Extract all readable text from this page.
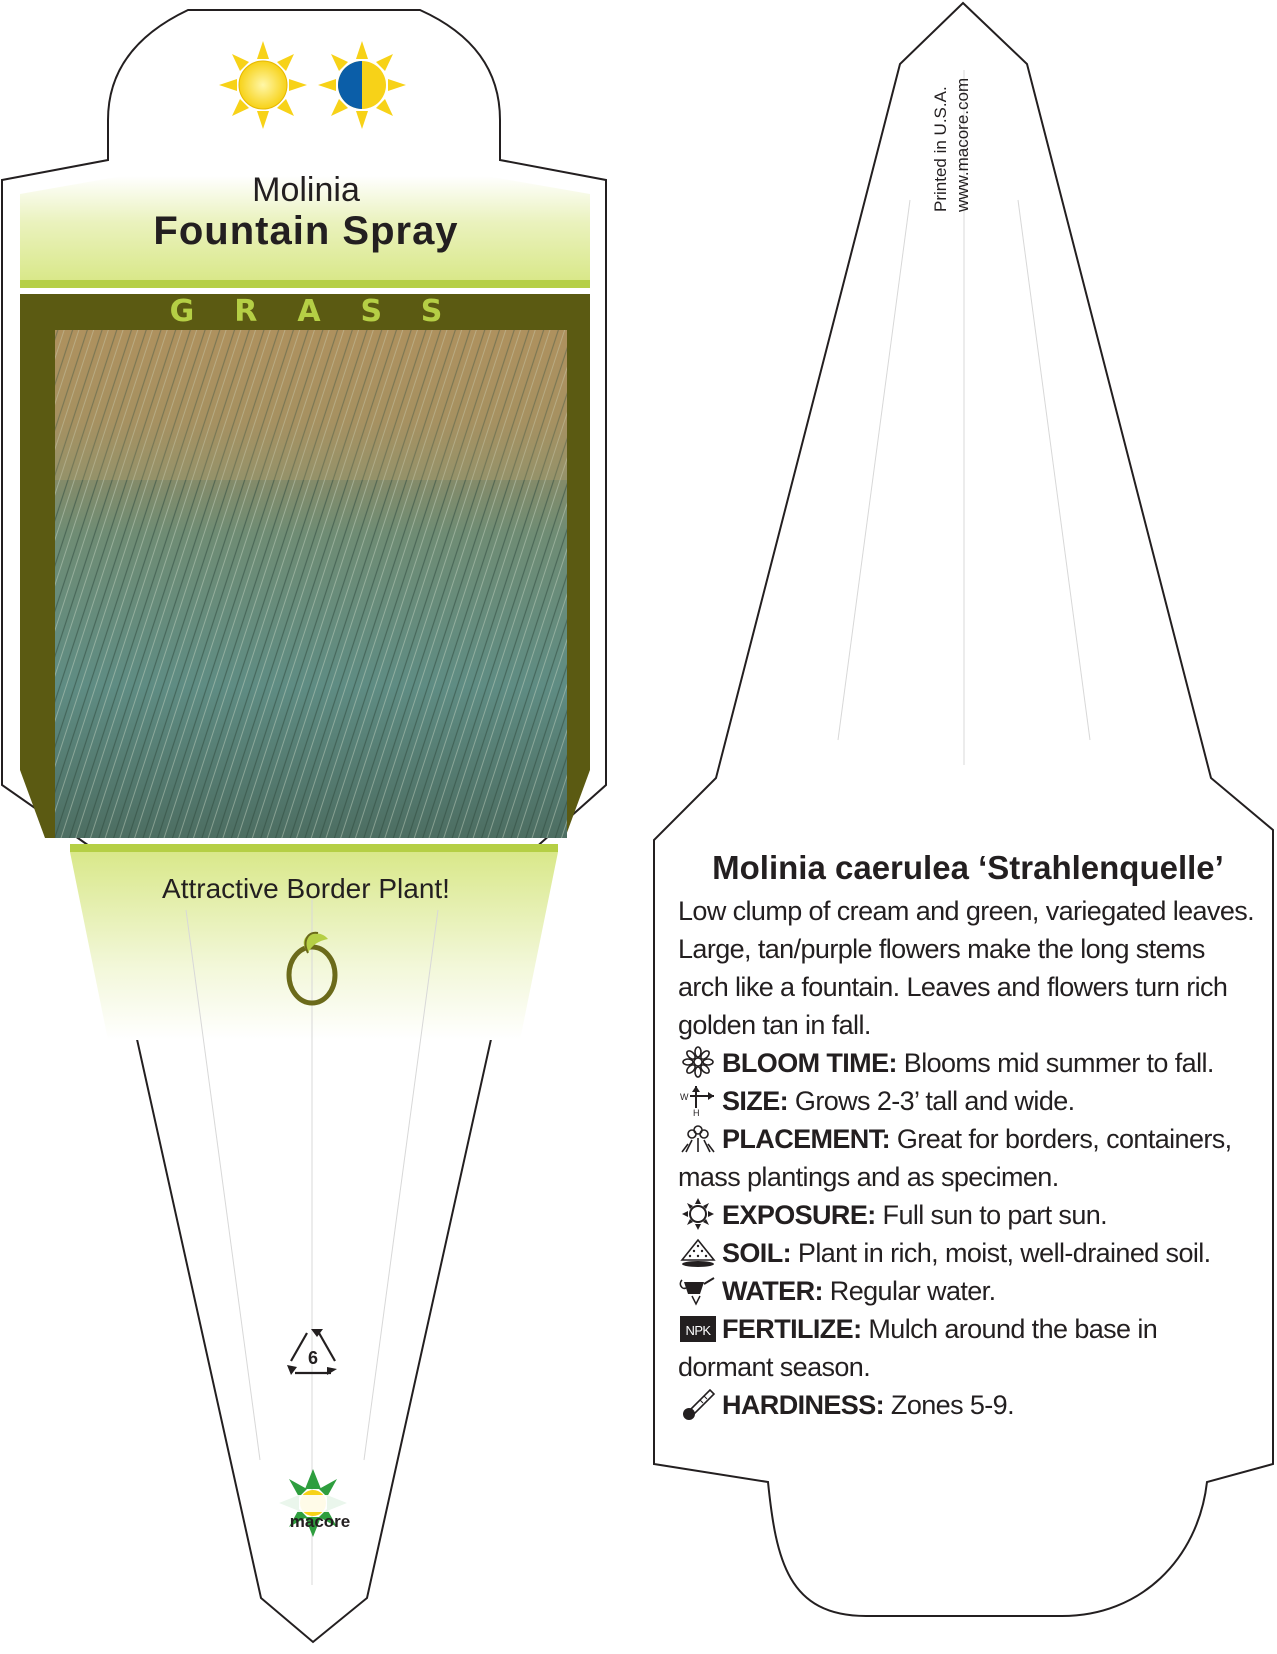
Molinia
Fountain Spray
GRASS
Attractive Border Plant!
6
macore
Printed in U.S.A. www.macore.com
Molinia caerulea ‘Strahlenquelle’
Low clump of cream and green, variegated leaves. Large, tan/purple flowers make the long stems arch like a fountain. Leaves and flowers turn rich golden tan in fall.
BLOOM TIME: Blooms mid summer to fall.
W
H SIZE: Grows 2-3’ tall and wide.
PLACEMENT: Great for borders, containers, mass plantings and as specimen.
EXPOSURE: Full sun to part sun.
SOIL: Plant in rich, moist, well-drained soil.
WATER: Regular water.
NPK FERTILIZE: Mulch around the base in dormant season.
HARDINESS: Zones 5-9.
